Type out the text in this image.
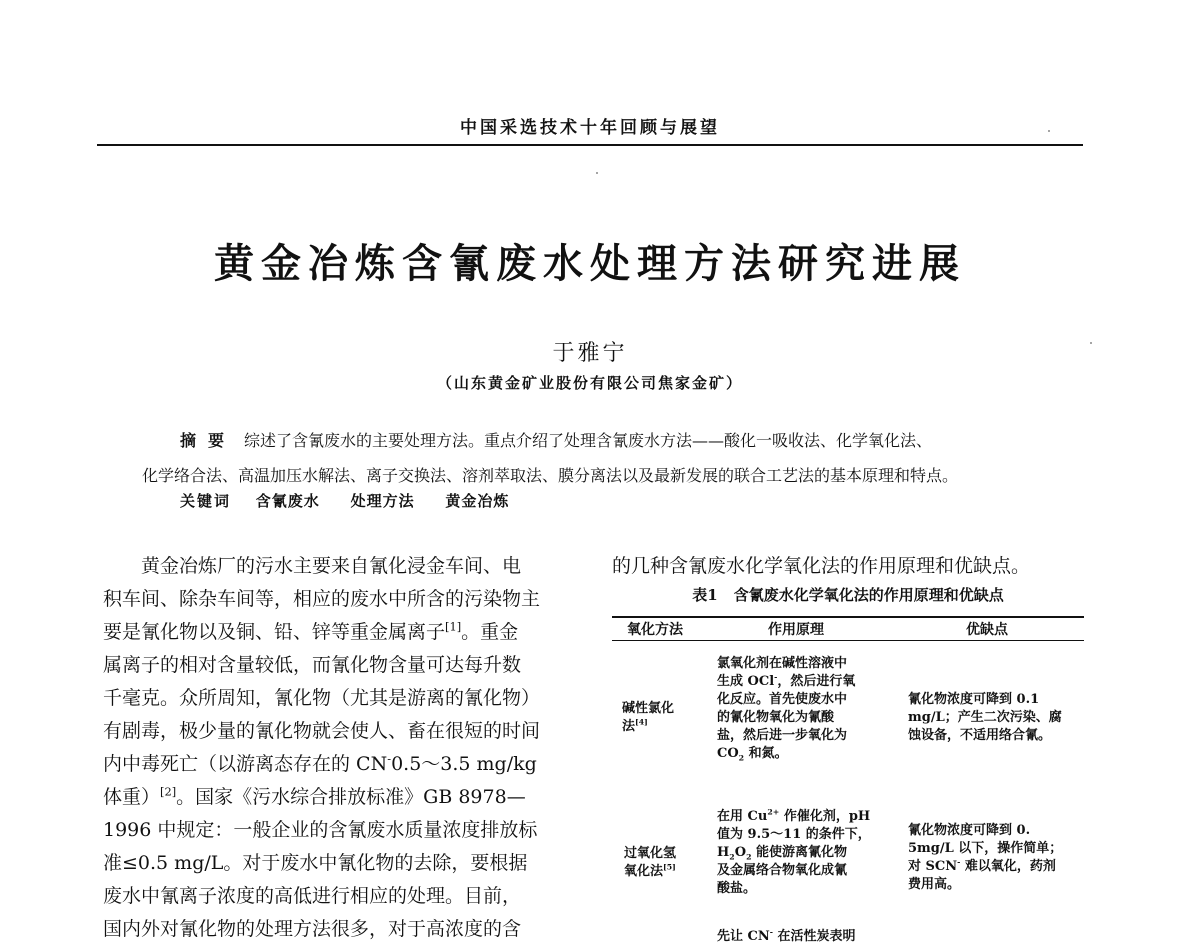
中国采选技术十年回顾与展望
黄金冶炼含氰废水处理方法研究进展
于雅宁
（山东黄金矿业股份有限公司焦家金矿）

摘要 综述了含氰废水的主要处理方法。重点介绍了处理含氰废水方法——酸化一吸收法、化学氧化法、

化学络合法、高温加压水解法、离子交换法、溶剂萃取法、膜分离法以及最新发展的联合工艺法的基本原理和特点。

关键词 含氰废水 处理方法 黄金冶炼
黄金冶炼厂的污水主要来自氰化浸金车间、电
积车间、除杂车间等，相应的废水中所含的污染物主
要是氰化物以及铜、铅、锌等重金属离子[1]。重金
属离子的相对含量较低，而氰化物含量可达每升数
千毫克。众所周知，氰化物（尤其是游离的氰化物）
有剧毒，极少量的氰化物就会使人、畜在很短的时间
内中毒死亡（以游离态存在的 CN-0.5～3.5 mg/kg
体重）[2]。国家《污水综合排放标准》GB 8978—
1996 中规定：一般企业的含氰废水质量浓度排放标
准≤0.5 mg/L。对于废水中氰化物的去除，要根据
废水中氰离子浓度的高低进行相应的处理。目前，
国内外对氰化物的处理方法很多，对于高浓度的含
的几种含氰废水化学氧化法的作用原理和优缺点。
表1 含氰废水化学氧化法的作用原理和优缺点
氧化方法	作用原理	优缺点
碱性氯化
法[4]
氯氧化剂在碱性溶液中
生成 OCl-，然后进行氧
化反应。首先使废水中
的氰化物氧化为氰酸
盐，然后进一步氧化为
$CO_2$ 和氮。
氰化物浓度可降到 0.1
mg/L；产生二次污染、腐
蚀设备，不适用络合氰。
过氧化氢
氧化法[5]
在用 $Cu^{2+}$ 作催化剂，pH
值为 9.5～11 的条件下，
$H_2O_2$ 能使游离氰化物
及金属络合物氧化成氰
酸盐。
氰化物浓度可降到 0.
5mg/L 以下，操作简单；
对 SCN- 难以氧化，药剂
费用高。
先让 CN- 在活性炭表明
